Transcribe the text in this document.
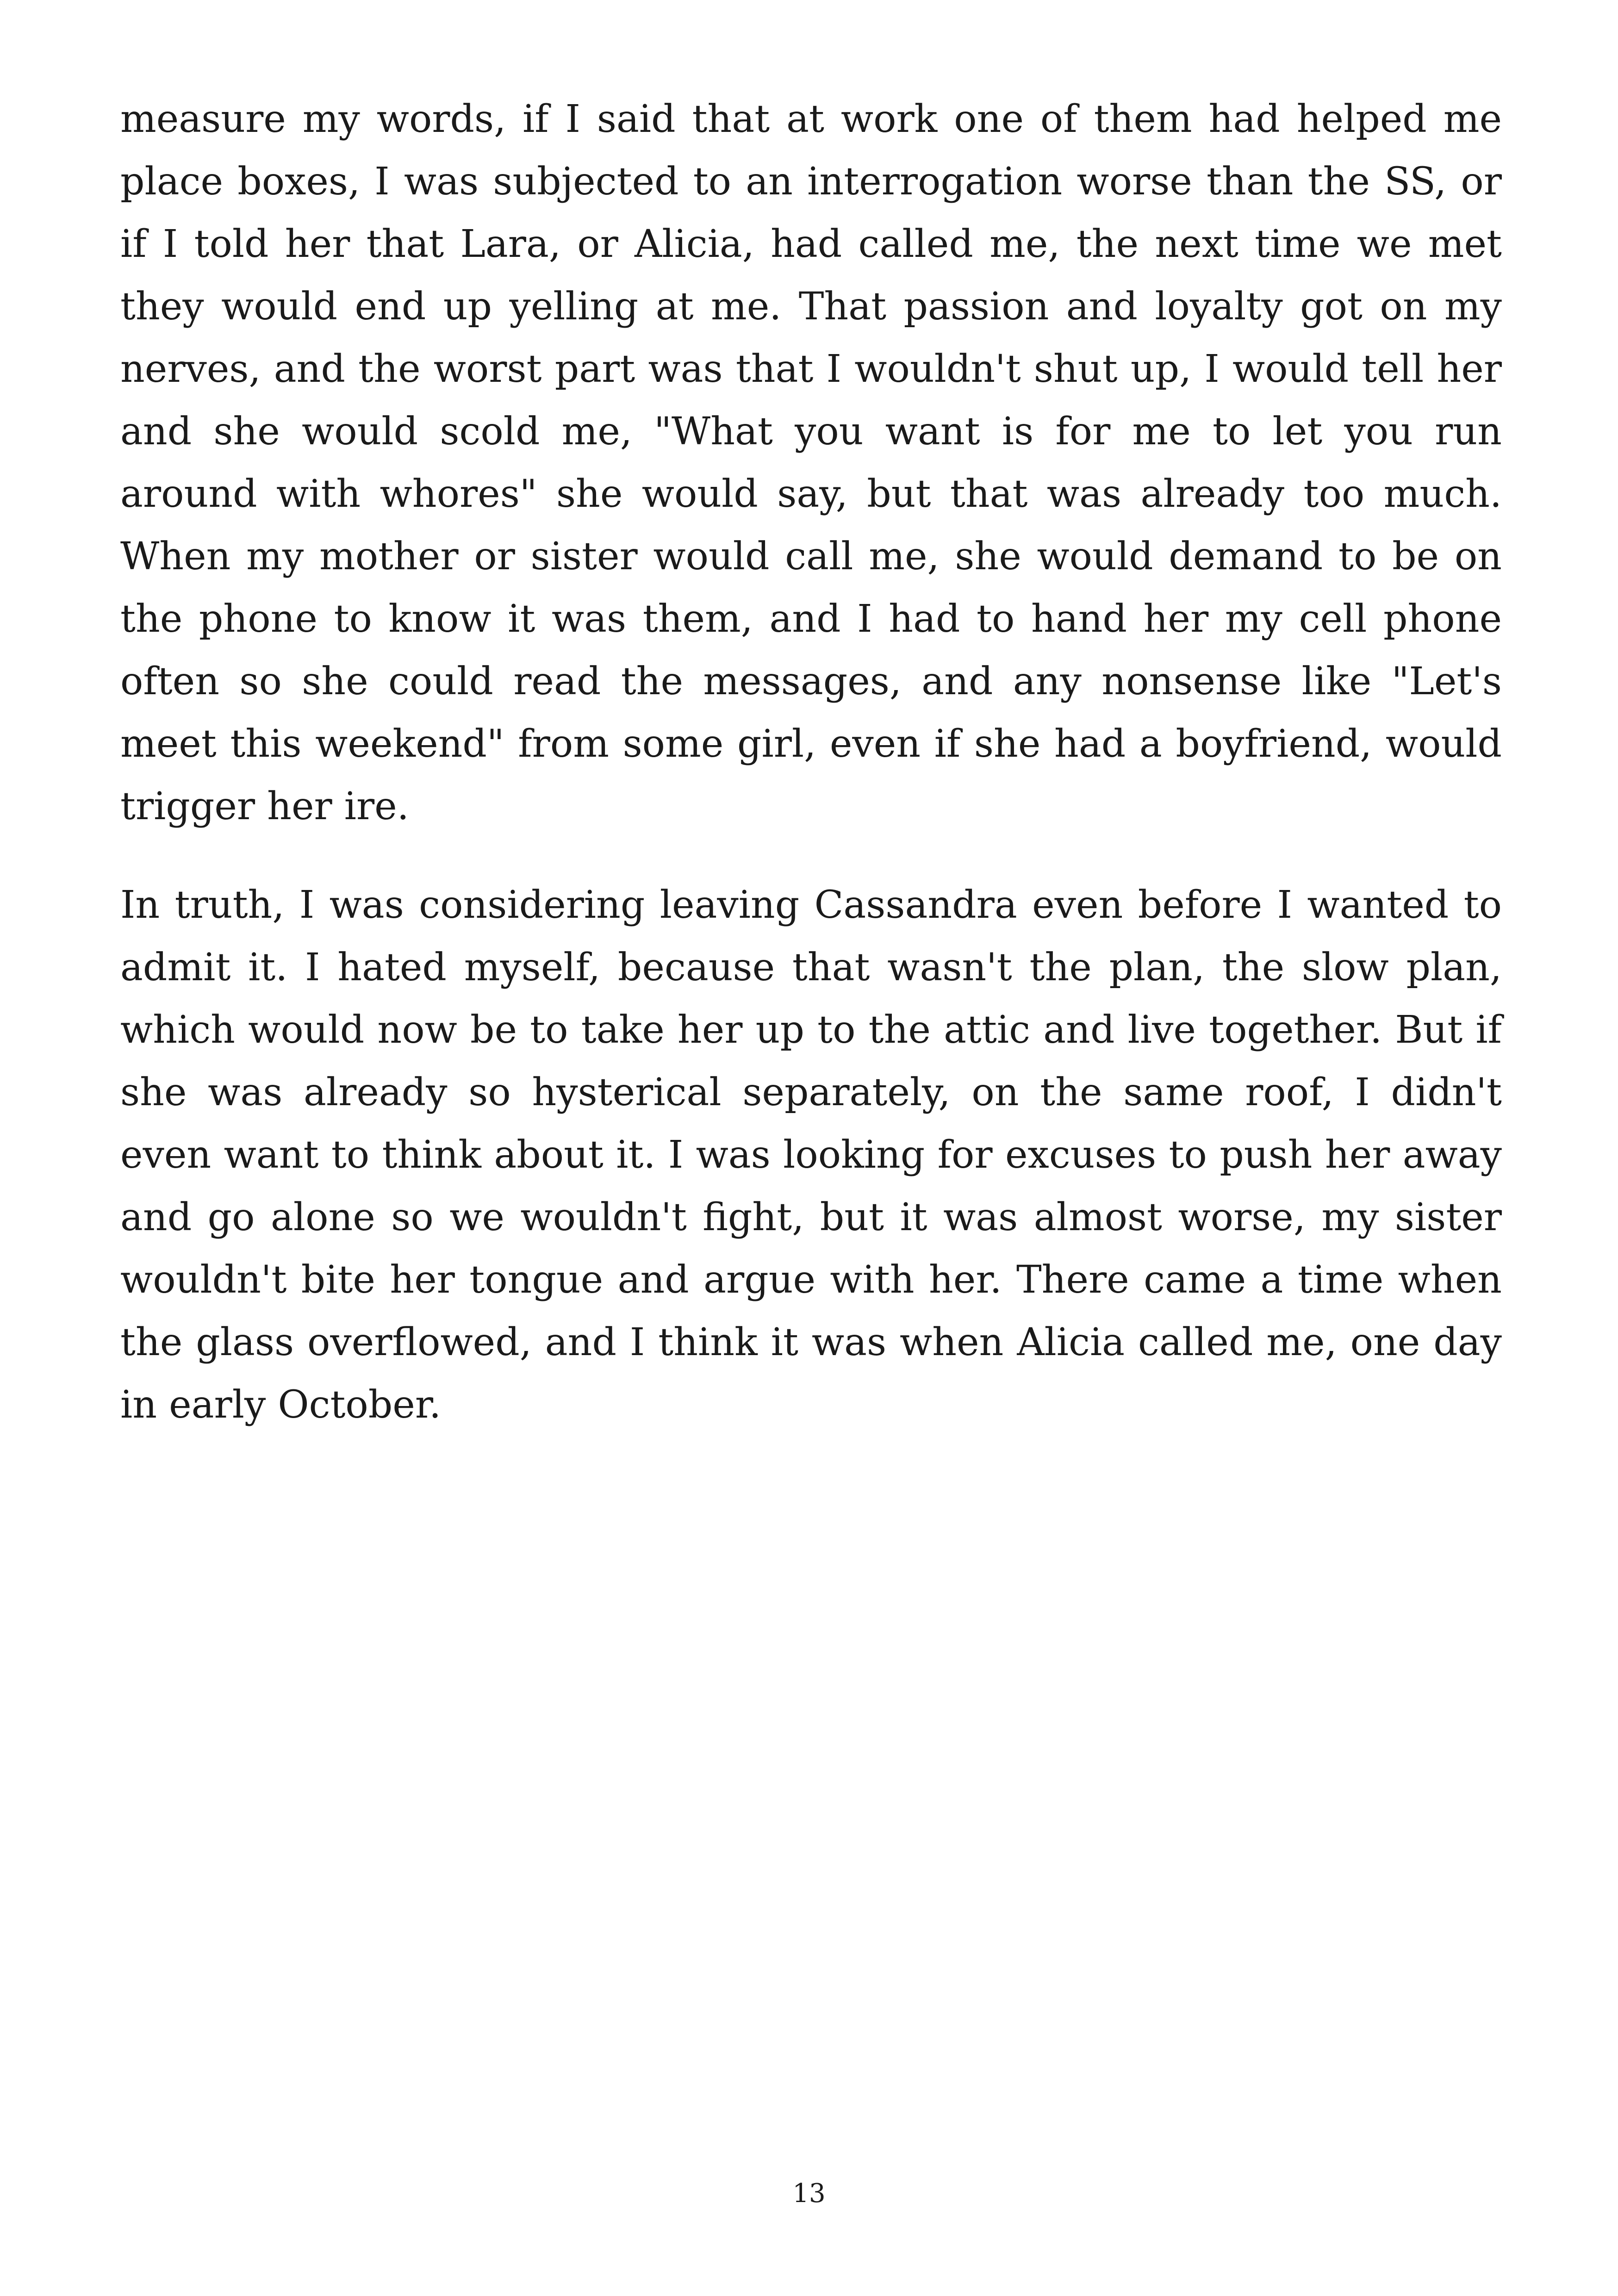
measure my words, if I said that at work one of them had helped me place boxes, I was subjected to an interrogation worse than the SS, or if I told her that Lara, or Alicia, had called me, the next time we met they would end up yelling at me. That passion and loyalty got on my nerves, and the worst part was that I wouldn't shut up, I would tell her and she would scold me, "What you want is for me to let you run around with whores" she would say, but that was already too much. When my mother or sister would call me, she would demand to be on the phone to know it was them, and I had to hand her my cell phone often so she could read the messages, and any nonsense like "Let's meet this weekend" from some girl, even if she had a boyfriend, would trigger her ire.

In truth, I was considering leaving Cassandra even before I wanted to admit it. I hated myself, because that wasn't the plan, the slow plan, which would now be to take her up to the attic and live together. But if she was already so hysterical separately, on the same roof, I didn't even want to think about it. I was looking for excuses to push her away and go alone so we wouldn't fight, but it was almost worse, my sister wouldn't bite her tongue and argue with her. There came a time when the glass overflowed, and I think it was when Alicia called me, one day in early October.

13
